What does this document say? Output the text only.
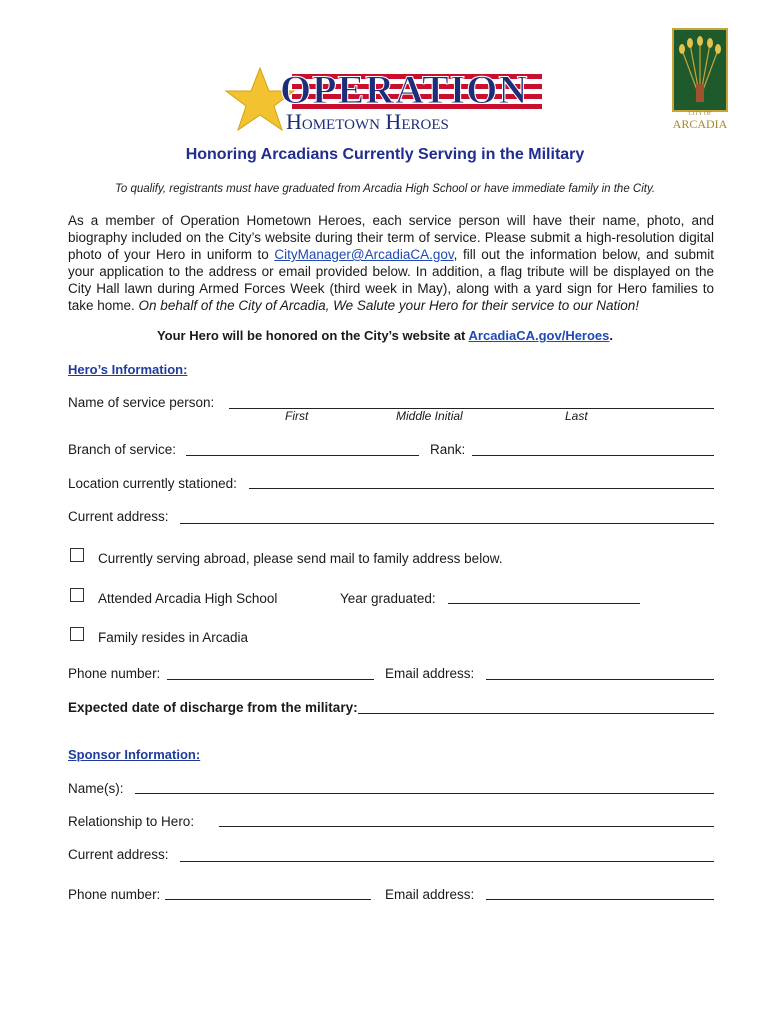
OPERATION
Hometown Heroes	CITY OF
ARCADIA
Honoring Arcadians Currently Serving in the Military
To qualify, registrants must have graduated from Arcadia High School or have immediate family in the City.
As a member of Operation Hometown Heroes, each service person will have their name, photo, and biography included on the City’s website during their term of service. Please submit a high-resolution digital photo of your Hero in uniform to CityManager@ArcadiaCA.gov, fill out the information below, and submit your application to the address or email provided below. In addition, a flag tribute will be displayed on the City Hall lawn during Armed Forces Week (third week in May), along with a yard sign for Hero families to take home. On behalf of the City of Arcadia, We Salute your Hero for their service to our Nation!
Your Hero will be honored on the City’s website at ArcadiaCA.gov/Heroes.
Hero’s Information:
Name of service person:
First	Middle Initial	Last
Branch of service:	Rank:
Location currently stationed:
Current address:
Currently serving abroad, please send mail to family address below.
Attended Arcadia High School	Year graduated:
Family resides in Arcadia
Phone number:	Email address:
Expected date of discharge from the military:
Sponsor Information:
Name(s):
Relationship to Hero:
Current address:
Phone number:	Email address:
